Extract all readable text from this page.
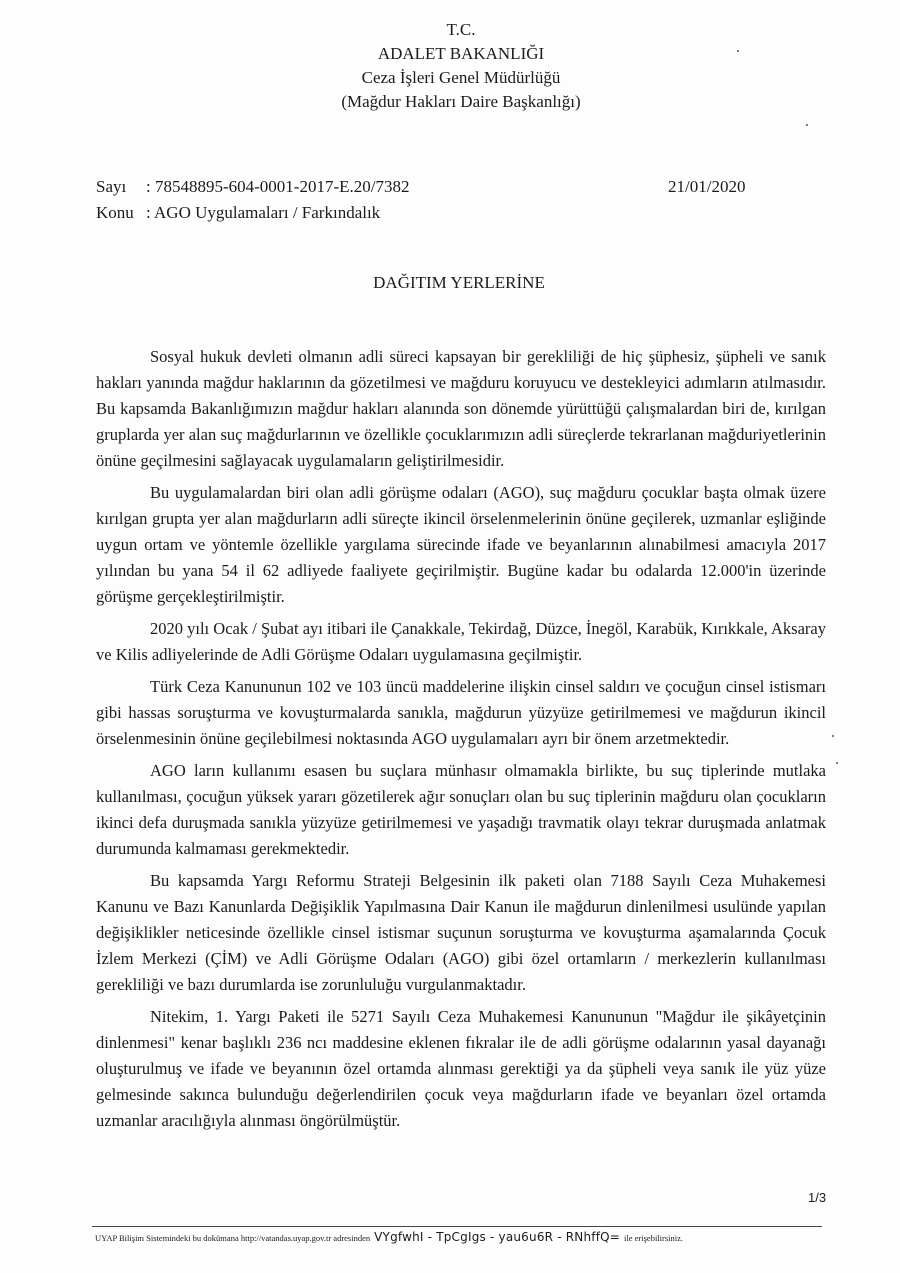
T.C.
ADALET BAKANLIĞI
Ceza İşleri Genel Müdürlüğü
(Mağdur Hakları Daire Başkanlığı)
Sayı	: 78548895-604-0001-2017-E.20/7382
Konu : AGO Uygulamaları / Farkındalık
21/01/2020
DAĞITIM YERLERİNE

Sosyal hukuk devleti olmanın adli süreci kapsayan bir gerekliliği de hiç şüphesiz, şüpheli ve sanık hakları yanında mağdur haklarının da gözetilmesi ve mağduru koruyucu ve destekleyici adımların atılmasıdır. Bu kapsamda Bakanlığımızın mağdur hakları alanında son dönemde yürüttüğü çalışmalardan biri de, kırılgan gruplarda yer alan suç mağdurlarının ve özellikle çocuklarımızın adli süreçlerde tekrarlanan mağduriyetlerinin önüne geçilmesini sağlayacak uygulamaların geliştirilmesidir.

Bu uygulamalardan biri olan adli görüşme odaları (AGO), suç mağduru çocuklar başta olmak üzere kırılgan grupta yer alan mağdurların adli süreçte ikincil örselenmelerinin önüne geçilerek, uzmanlar eşliğinde uygun ortam ve yöntemle özellikle yargılama sürecinde ifade ve beyanlarının alınabilmesi amacıyla 2017 yılından bu yana 54 il 62 adliyede faaliyete geçirilmiştir. Bugüne kadar bu odalarda 12.000'in üzerinde görüşme gerçekleştirilmiştir.

2020 yılı Ocak / Şubat ayı itibari ile Çanakkale, Tekirdağ, Düzce, İnegöl, Karabük, Kırıkkale, Aksaray ve Kilis adliyelerinde de Adli Görüşme Odaları uygulamasına geçilmiştir.

Türk Ceza Kanununun 102 ve 103 üncü maddelerine ilişkin cinsel saldırı ve çocuğun cinsel istismarı gibi hassas soruşturma ve kovuşturmalarda sanıkla, mağdurun yüzyüze getirilmemesi ve mağdurun ikincil örselenmesinin önüne geçilebilmesi noktasında AGO uygulamaları ayrı bir önem arzetmektedir.

AGO ların kullanımı esasen bu suçlara münhasır olmamakla birlikte, bu suç tiplerinde mutlaka kullanılması, çocuğun yüksek yararı gözetilerek ağır sonuçları olan bu suç tiplerinin mağduru olan çocukların ikinci defa duruşmada sanıkla yüzyüze getirilmemesi ve yaşadığı travmatik olayı tekrar duruşmada anlatmak durumunda kalmaması gerekmektedir.

Bu kapsamda Yargı Reformu Strateji Belgesinin ilk paketi olan 7188 Sayılı Ceza Muhakemesi Kanunu ve Bazı Kanunlarda Değişiklik Yapılmasına Dair Kanun ile mağdurun dinlenilmesi usulünde yapılan değişiklikler neticesinde özellikle cinsel istismar suçunun soruşturma ve kovuşturma aşamalarında Çocuk İzlem Merkezi (ÇİM) ve Adli Görüşme Odaları (AGO) gibi özel ortamların / merkezlerin kullanılması gerekliliği ve bazı durumlarda ise zorunluluğu vurgulanmaktadır.

Nitekim, 1. Yargı Paketi ile 5271 Sayılı Ceza Muhakemesi Kanununun "Mağdur ile şikâyetçinin dinlenmesi" kenar başlıklı 236 ncı maddesine eklenen fıkralar ile de adli görüşme odalarının yasal dayanağı oluşturulmuş ve ifade ve beyanının özel ortamda alınması gerektiği ya da şüpheli veya sanık ile yüz yüze gelmesinde sakınca bulunduğu değerlendirilen çocuk veya mağdurların ifade ve beyanları özel ortamda uzmanlar aracılığıyla alınması öngörülmüştür.

1/3
UYAP Bilişim Sistemindeki bu dokümana http://vatandas.uyap.gov.tr adresinden VYgfwhI - TpCgIgs - yau6u6R - RNhffQ= ile erişebilirsiniz.
